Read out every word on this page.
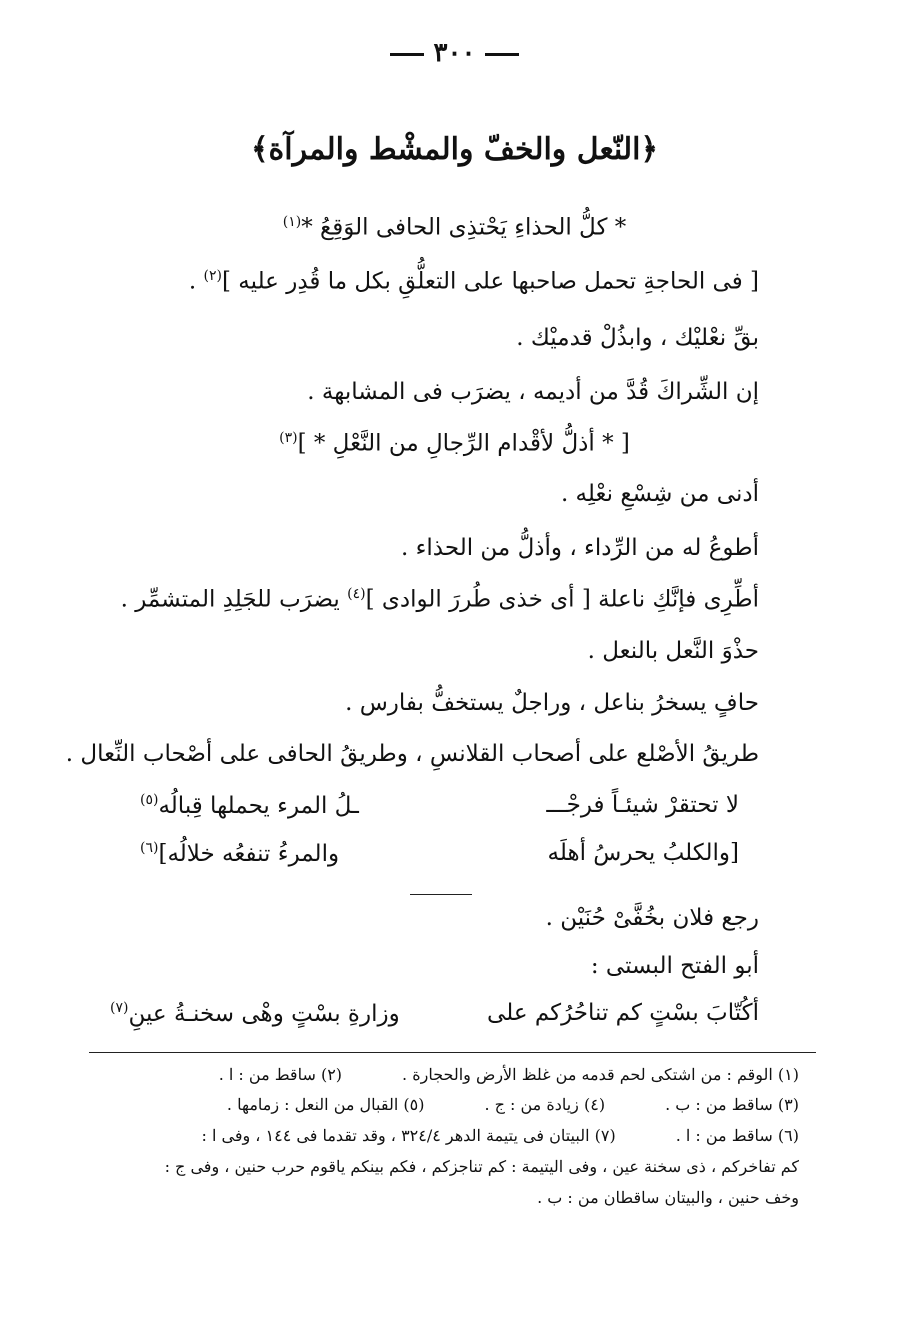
٣٠٠
﴿النّعل والخفّ والمشْط والمرآة﴾
* كلُّ الحذاءِ يَحْتذِى الحافى الوَقِعُ *$^{(١)}$
[ فى الحاجةِ تحمل صاحبها على التعلُّقِ بكل ما قُدِر عليه ]$^{(٢)}$ .
بقِّ نعْليْك ، وابذُلْ قدميْك .
إن الشِّراكَ قُدَّ من أديمه ، يضرَب فى المشابهة .
[ * أذلُّ لأقْدام الرِّجالِ من النَّعْلِ * ]$^{(٣)}$
أدنى من شِسْعِ نعْلِه .
أطوعُ له من الرِّداء ، وأذلُّ من الحذاء .
أطِّرِى فإنَّكِ ناعلة [ أى خذى طُررَ الوادى ]$^{(٤)}$ يضرَب للجَلِدِ المتشمِّر .
حذْوَ النَّعل بالنعل .
حافٍ يسخرُ بناعل ، وراجلٌ يستخفُّ بفارس .
طريقُ الأصْلع على أصحاب القلانسِ ، وطريقُ الحافى على أصْحاب النِّعال .
لا تحتقرْ شيئـاً فرجْـــ
ـلُ المرء يحملها قِبالُه(٥)
[والكلبُ يحرسُ أهلَه
والمرءُ تنفعُه خلالُه](٦)
رجع فلان بخُفَّىْ حُنَيْن .
أبو الفتح البستى :
أكُتّابَ بسْتٍ كم تناحُرُكم على
وزارةِ بسْتٍ وهْى سخنـةُ عينِ(٧)
(١) الوقم : من اشتكى لحم قدمه من غلظ الأرض والحجارة .
(٢) ساقط من : ا .
(٣) ساقط من : ب .
(٤) زيادة من : ج .
(٥) القبال من النعل : زمامها .
(٦) ساقط من : ا .
(٧) البيتان فى يتيمة الدهر ٣٢٤/٤ ، وقد تقدما فى ١٤٤ ، وفى ا :
كم تفاخركم ، ذى سخنة عين ، وفى اليتيمة : كم تناجزكم ، فكم بينكم ياقوم حرب حنين ، وفى ج :
وخف حنين ، والبيتان ساقطان من : ب .
